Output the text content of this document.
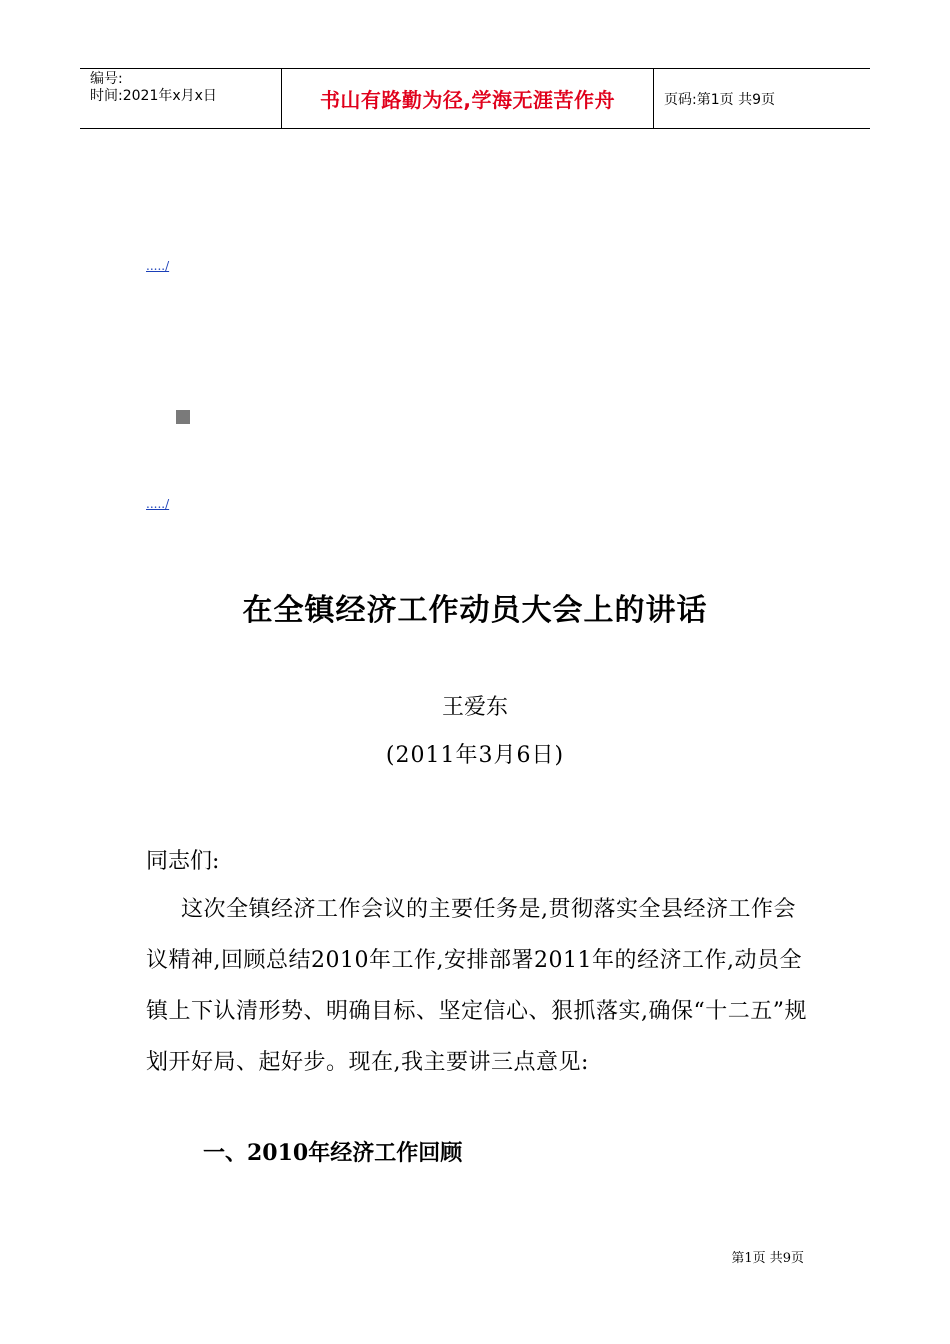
编号:
时间:2021年x月x日	书山有路勤为径,学海无涯苦作舟	页码:第1页 共9页
...../
...../
在全镇经济工作动员大会上的讲话
王爱东
(2011年3月6日)
同志们:

这次全镇经济工作会议的主要任务是,贯彻落实全县经济工作会议精神,回顾总结2010年工作,安排部署2011年的经济工作,动员全镇上下认清形势、明确目标、坚定信心、狠抓落实,确保“十二五”规划开好局、起好步。现在,我主要讲三点意见:

一、2010年经济工作回顾
第1页 共9页
